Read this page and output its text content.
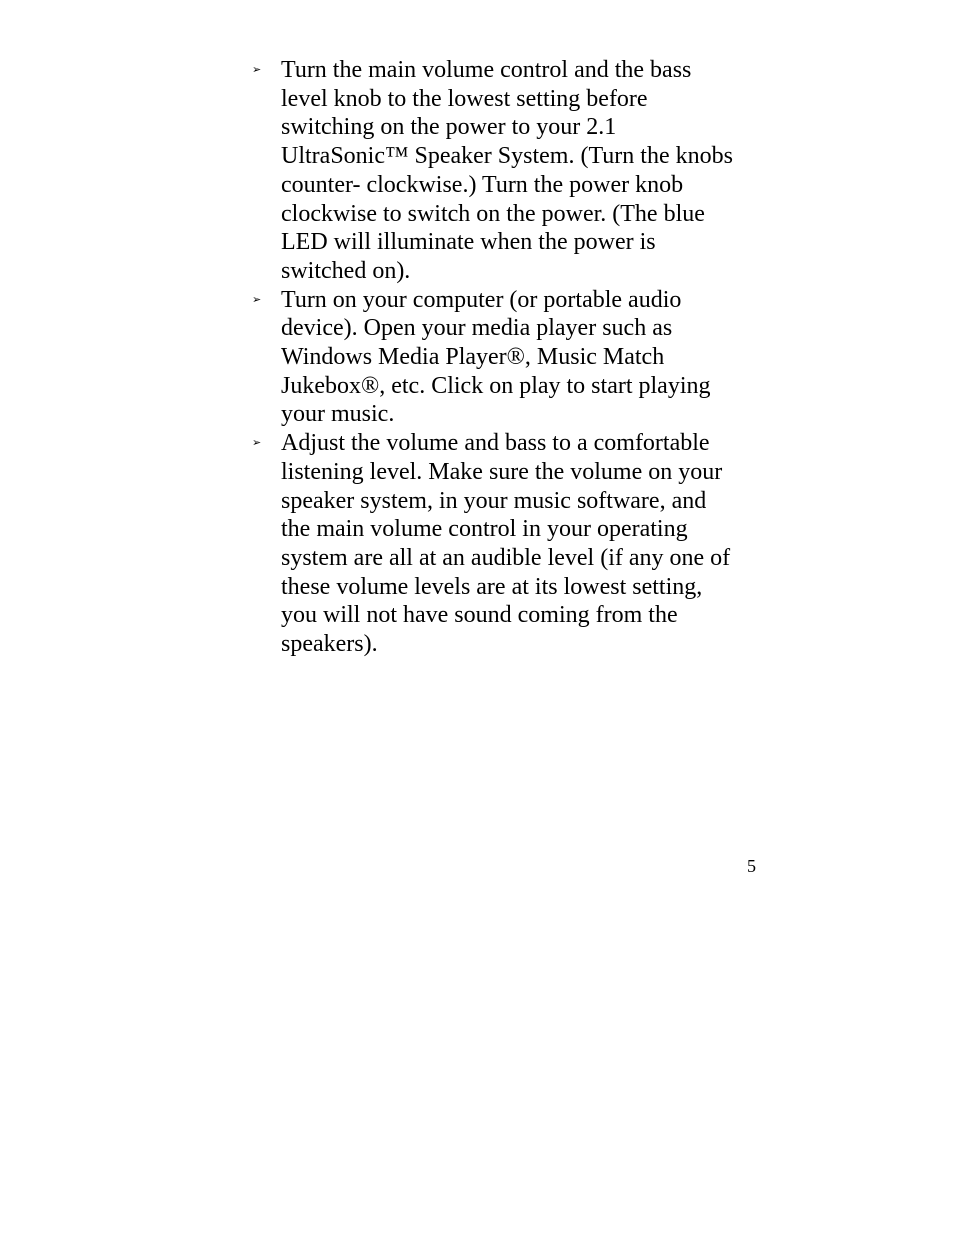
➢ Turn the main volume control and the bass
level knob to the lowest setting before
switching on the power to your 2.1
UltraSonic™ Speaker System. (Turn the knobs
counter- clockwise.) Turn the power knob
clockwise to switch on the power. (The blue
LED will illuminate when the power is
switched on).
➢ Turn on your computer (or portable audio
device). Open your media player such as
Windows Media Player®, Music Match
Jukebox®, etc. Click on play to start playing
your music.
➢ Adjust the volume and bass to a comfortable
listening level. Make sure the volume on your
speaker system, in your music software, and
the main volume control in your operating
system are all at an audible level (if any one of
these volume levels are at its lowest setting,
you will not have sound coming from the
speakers).
5
